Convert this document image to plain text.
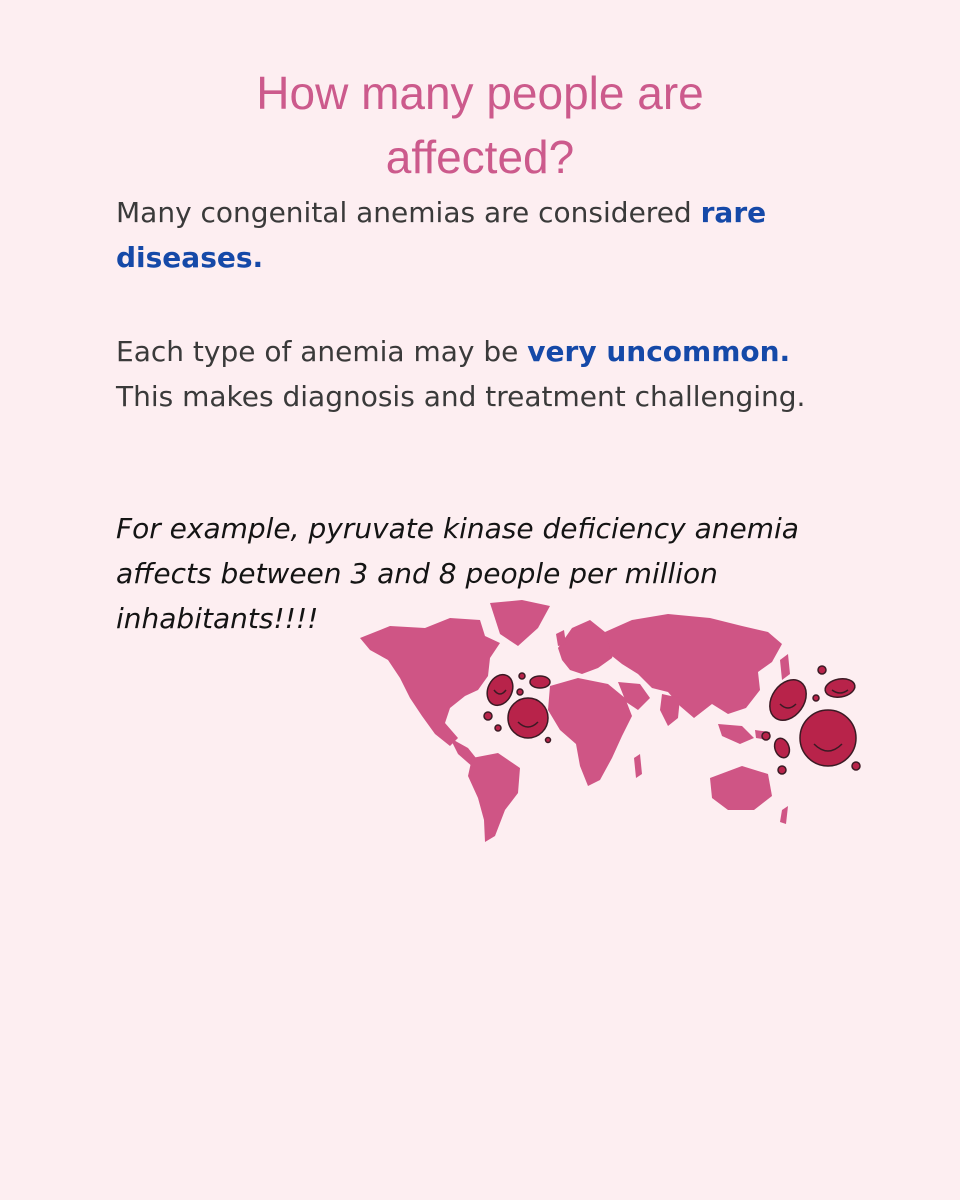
How many people are
affected?

Many congenital anemias are considered rare diseases.

Each type of anemia may be very uncommon. This makes diagnosis and treatment challenging.

For example, pyruvate kinase deficiency anemia affects between 3 and 8 people per million inhabitants!!!!
